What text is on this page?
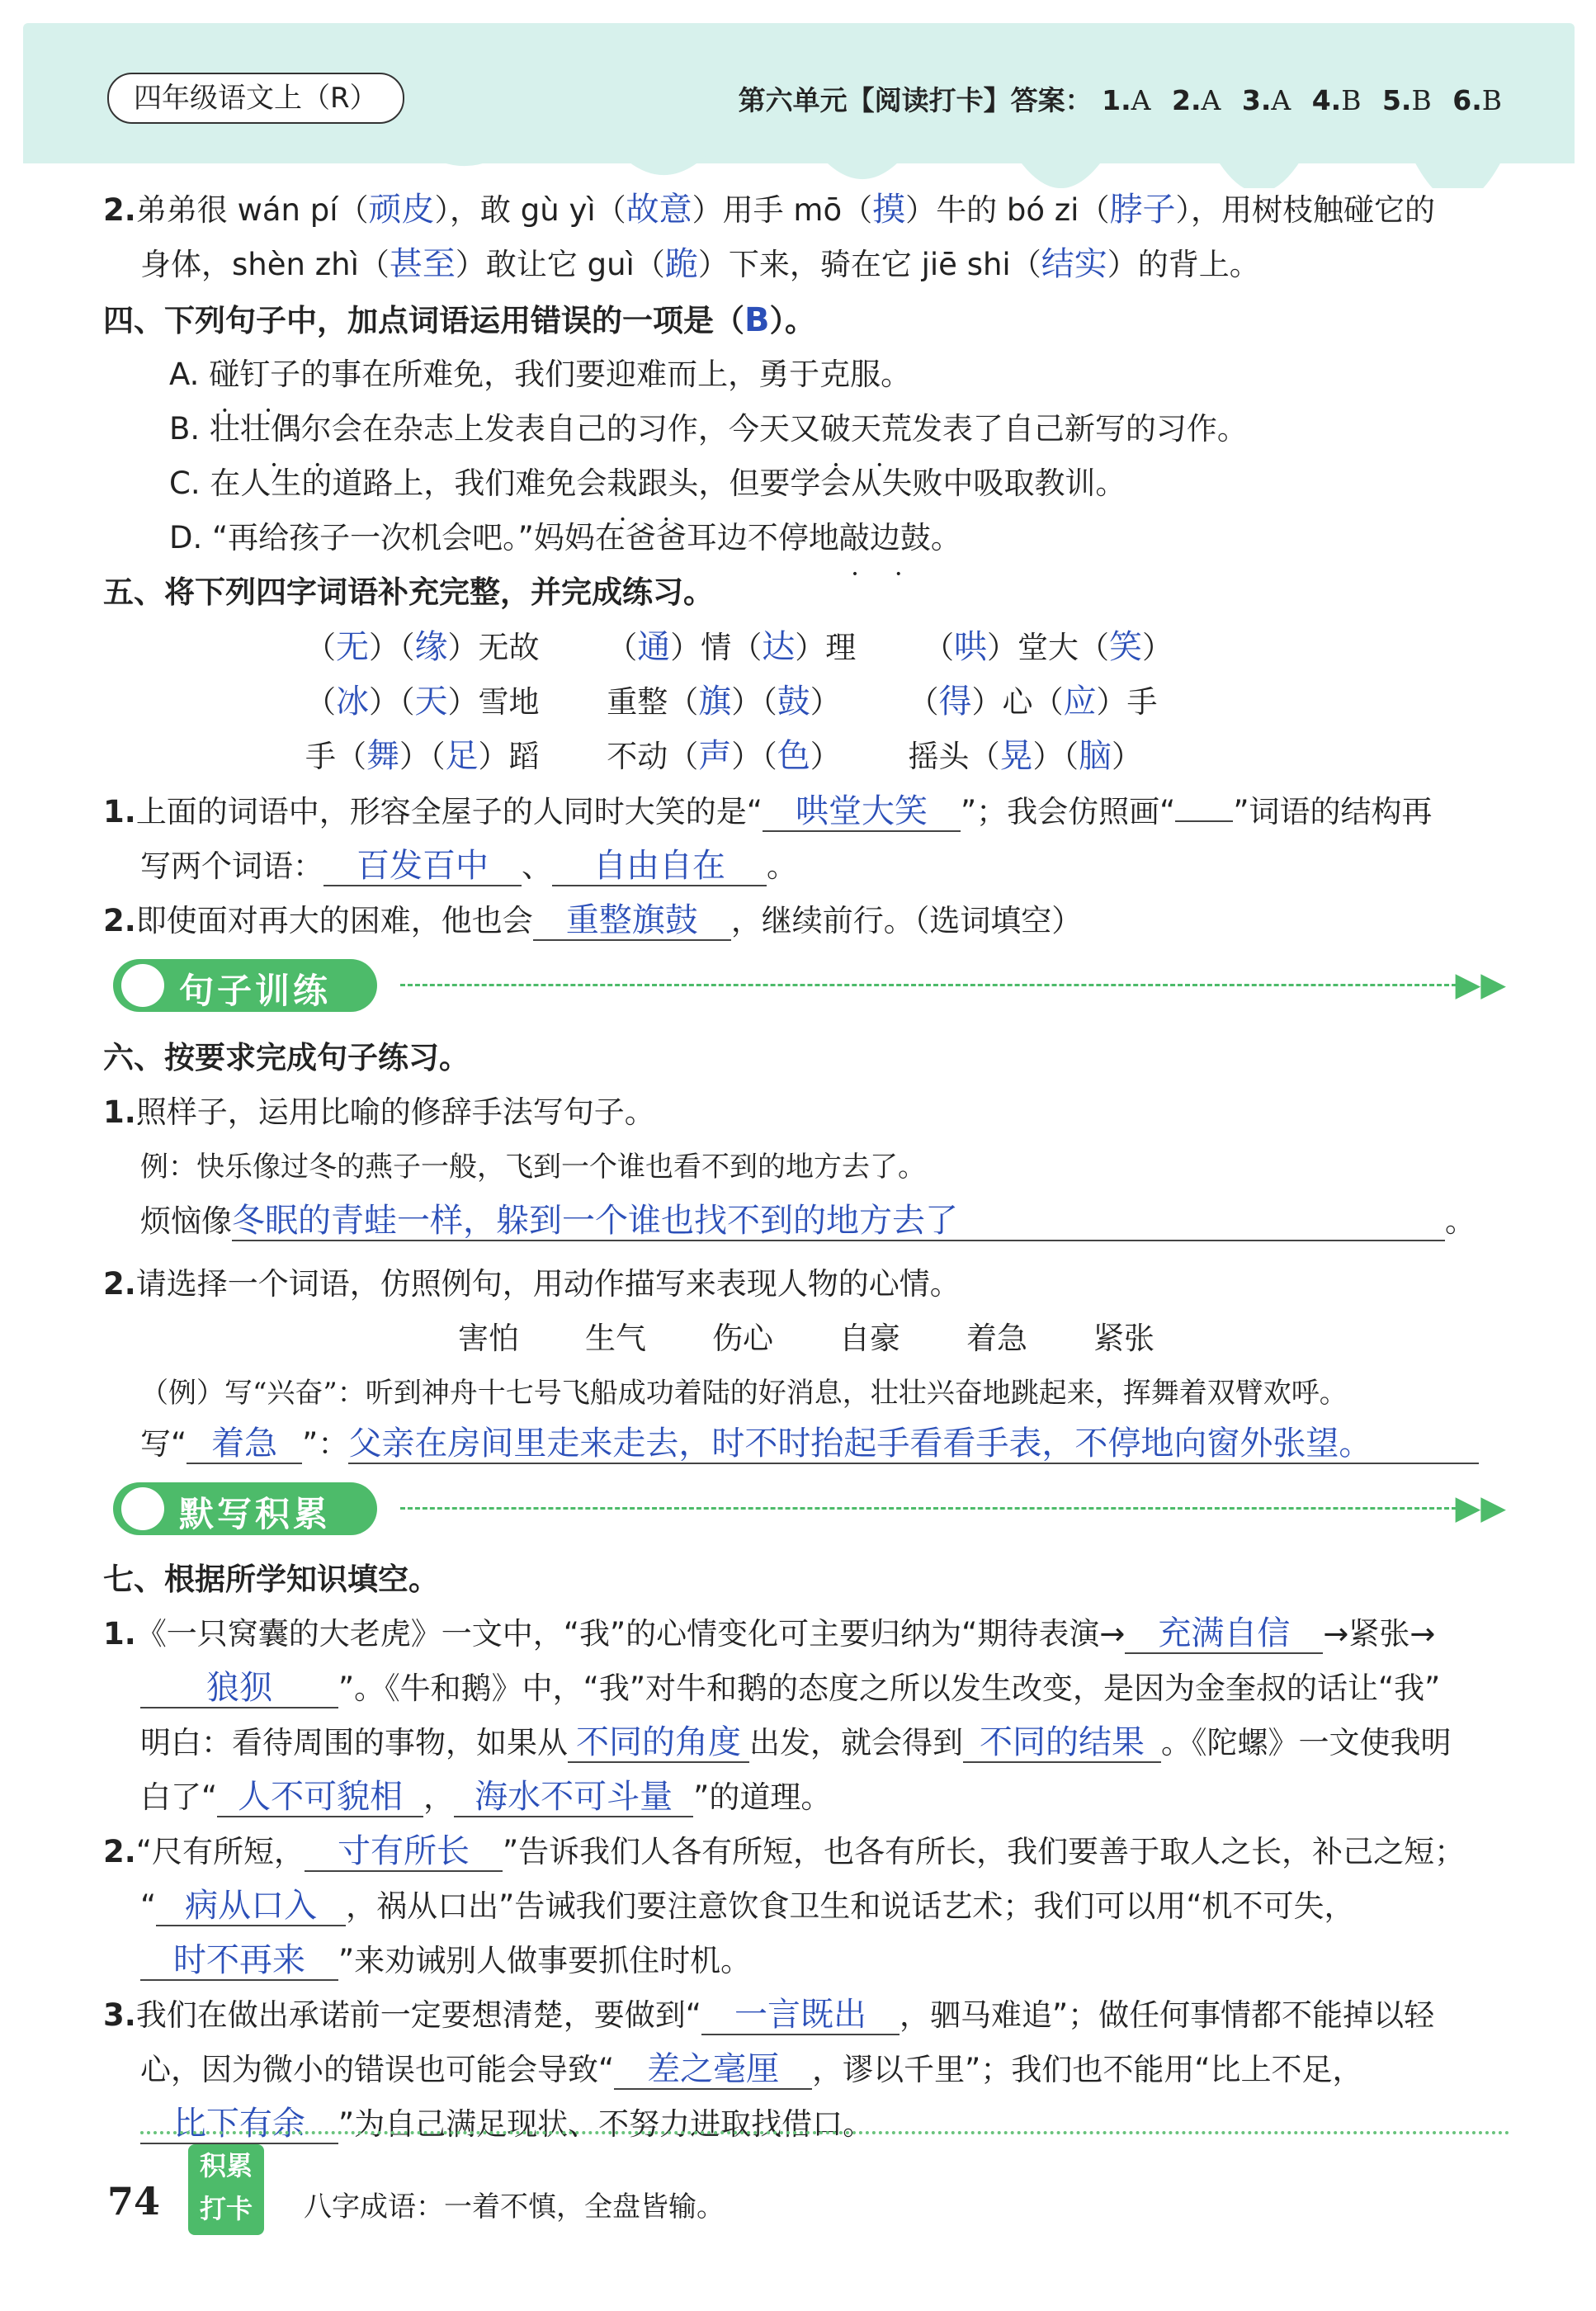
四年级语文上（R）	第六单元【阅读打卡】答案： 1.A 2.A 3.A 4.B 5.B 6.B
2.弟弟很 wán pí（顽皮），敢 gù yì（故意）用手 mō（摸）牛的 bó zi（脖子），用树枝触碰它的
身体，shèn zhì（甚至）敢让它 guì（跪）下来，骑在它 jiē shi（结实）的背上。
四、下列句子中，加点词语运用错误的一项是（B）。
A. 碰钉子 • •的事在所难免，我们要迎难而上，勇于克服。
B. 壮壮偶尔 • •会在杂志上发表自己的习作，今天又破天荒 • •发表了自己新写的习作。
C. 在人生的道路上，我们难免会栽跟头 • •，但要学会从失败中吸取教训。
D. “再给孩子一次机会吧。”妈妈在爸爸耳边不停地敲边鼓 • •。
五、将下列四字词语补充完整，并完成练习。
（无）（缘）无故 （通）情（达）理 （哄）堂大（笑）
（冰）（天）雪地 重整（旗）（鼓） （得）心（应）手
手（舞）（足）蹈 不动（声）（色） 摇头（晃）（脑）
1.上面的词语中，形容全屋子的人同时大笑的是“ 哄堂大笑 ”；我会仿照画“ ”词语的结构再
写两个词语： 百发百中 、 自由自在 。
2.即使面对再大的困难，他也会 重整旗鼓 ，继续前行。（选词填空）
句子训练	▶▶
六、按要求完成句子练习。
1.照样子，运用比喻的修辞手法写句子。
例：快乐像过冬的燕子一般，飞到一个谁也看不到的地方去了。
烦恼像冬眠的青蛙一样，躲到一个谁也找不到的地方去了	。
2.请选择一个词语，仿照例句，用动作描写来表现人物的心情。
害怕 生气 伤心 自豪 着急 紧张
（例）写“兴奋”：听到神舟十七号飞船成功着陆的好消息，壮壮兴奋地跳起来，挥舞着双臂欢呼。
写“ 着急 ”：父亲在房间里走来走去，时不时抬起手看看手表，不停地向窗外张望。
默写积累	▶▶
七、根据所学知识填空。
1.《一只窝囊的大老虎》一文中，“我”的心情变化可主要归纳为“期待表演→ 充满自信 →紧张→
狼狈 ”。《牛和鹅》中，“我”对牛和鹅的态度之所以发生改变，是因为金奎叔的话让“我”
明白：看待周围的事物，如果从 不同的角度 出发，就会得到 不同的结果 。《陀螺》一文使我明
白了“ 人不可貌相 ， 海水不可斗量 ”的道理。
2.“尺有所短， 寸有所长 ”告诉我们人各有所短，也各有所长，我们要善于取人之长，补己之短；
“ 病从口入 ，祸从口出”告诫我们要注意饮食卫生和说话艺术；我们可以用“机不可失，
时不再来 ”来劝诫别人做事要抓住时机。
3.我们在做出承诺前一定要想清楚，要做到“ 一言既出 ，驷马难追”；做任何事情都不能掉以轻
心，因为微小的错误也可能会导致“ 差之毫厘 ，谬以千里”；我们也不能用“比上不足，
比下有余 ”为自己满足现状、不努力进取找借口。
74
积累
打卡	八字成语：一着不慎，全盘皆输。
